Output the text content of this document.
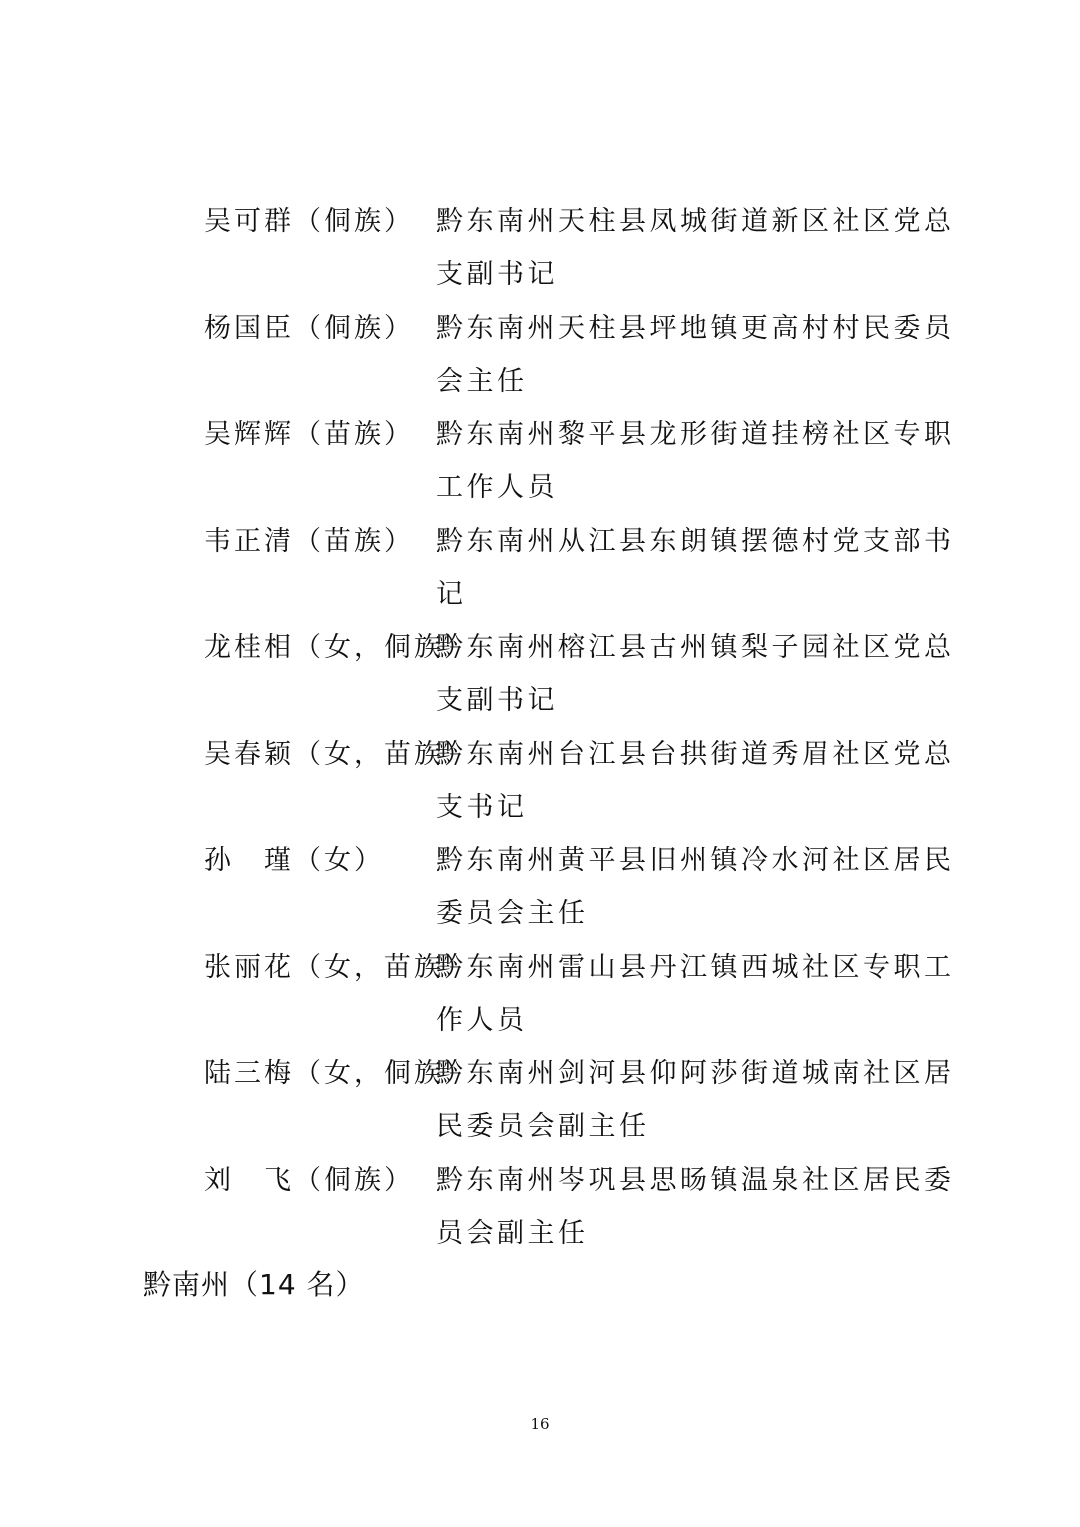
吴可群（侗族） 黔东南州天柱县凤城街道新区社区党总支副书记
杨国臣（侗族） 黔东南州天柱县坪地镇更高村村民委员会主任
吴辉辉（苗族） 黔东南州黎平县龙形街道挂榜社区专职工作人员
韦正清（苗族） 黔东南州从江县东朗镇摆德村党支部书记
龙桂相（女，侗族）
黔东南州榕江县古州镇梨子园社区党总支副书记
吴春颖（女，苗族）
黔东南州台江县台拱街道秀眉社区党总支书记
孙　瑾（女）	黔东南州黄平县旧州镇冷水河社区居民委员会主任
张丽花（女，苗族）
黔东南州雷山县丹江镇西城社区专职工作人员
陆三梅（女，侗族）
黔东南州剑河县仰阿莎街道城南社区居民委员会副主任
刘　飞（侗族） 黔东南州岑巩县思旸镇温泉社区居民委员会副主任
黔南州（14 名）
16
